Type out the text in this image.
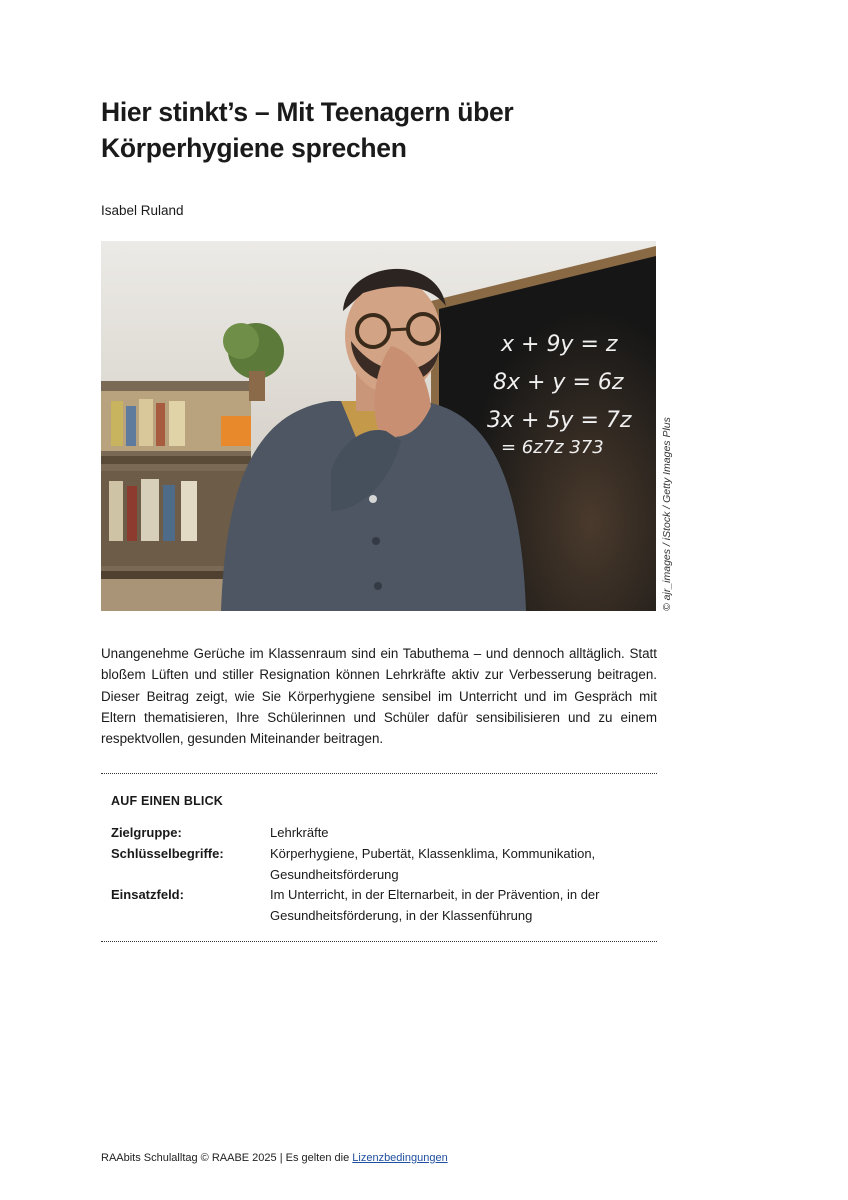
Hier stinkt’s – Mit Teenagern über Körperhygiene sprechen
Isabel Ruland
x + 9y = z
8x + y = 6z
3x + 5y = 7z
= 6z7z 373	© ajr_images / iStock / Getty Images Plus

Unangenehme Gerüche im Klassenraum sind ein Tabuthema – und dennoch alltäglich. Statt bloßem Lüften und stiller Resignation können Lehrkräfte aktiv zur Verbesserung beitragen. Dieser Beitrag zeigt, wie Sie Körperhygiene sensibel im Unterricht und im Gespräch mit Eltern thematisieren, Ihre Schülerinnen und Schüler dafür sensibilisieren und zu einem respektvollen, gesunden Miteinander beitragen.

AUF EINEN BLICK
Zielgruppe:	Lehrkräfte
Schlüsselbegriffe:	Körperhygiene, Pubertät, Klassenklima, Kommunikation, Gesundheitsförderung
Einsatzfeld:	Im Unterricht, in der Elternarbeit, in der Prävention, in der Gesundheitsförderung, in der Klassenführung
RAAbits Schulalltag © RAABE 2025 | Es gelten die Lizenzbedingungen
